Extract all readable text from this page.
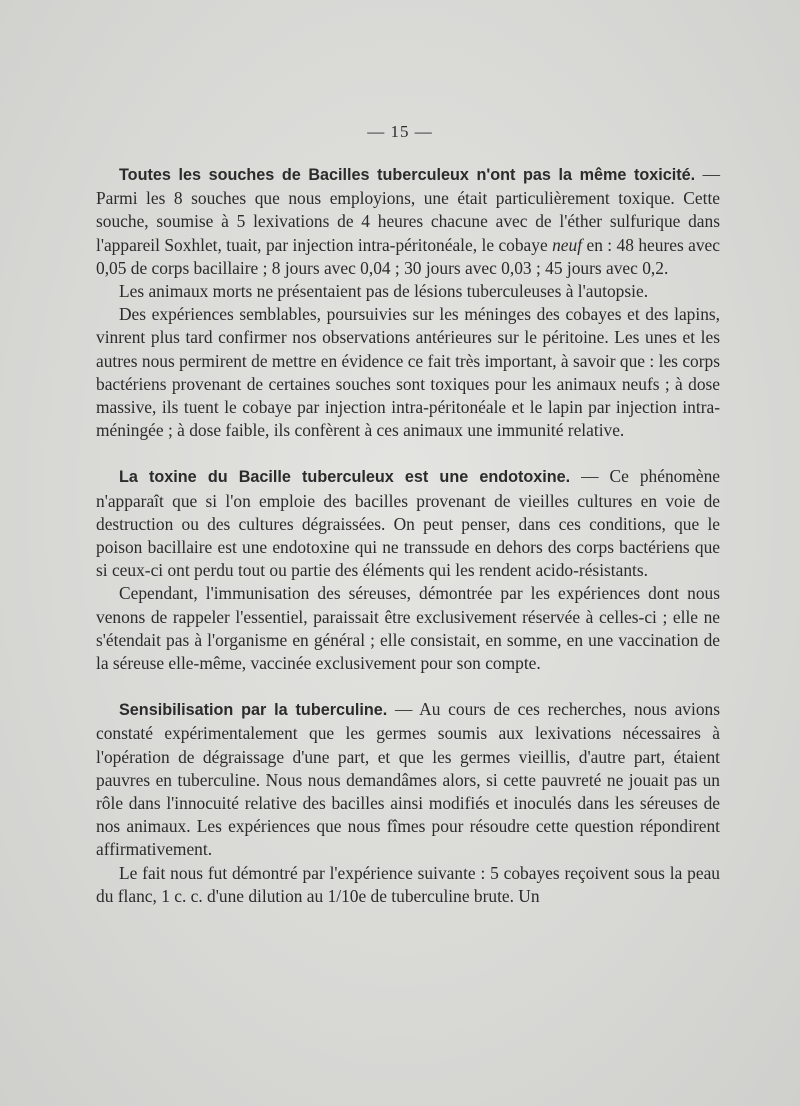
— 15 —

Toutes les souches de Bacilles tuberculeux n'ont pas la même toxicité. — Parmi les 8 souches que nous employions, une était particulièrement toxique. Cette souche, soumise à 5 lexivations de 4 heures chacune avec de l'éther sulfurique dans l'appareil Soxhlet, tuait, par injection intra-péritonéale, le cobaye neuf en : 48 heures avec 0,05 de corps bacillaire ; 8 jours avec 0,04 ; 30 jours avec 0,03 ; 45 jours avec 0,2.

Les animaux morts ne présentaient pas de lésions tuberculeuses à l'autopsie.

Des expériences semblables, poursuivies sur les méninges des cobayes et des lapins, vinrent plus tard confirmer nos observations antérieures sur le péritoine. Les unes et les autres nous permirent de mettre en évidence ce fait très important, à savoir que : les corps bactériens provenant de certaines souches sont toxiques pour les animaux neufs ; à dose massive, ils tuent le cobaye par injection intra-péritonéale et le lapin par injection intra-méningée ; à dose faible, ils confèrent à ces animaux une immunité relative.

La toxine du Bacille tuberculeux est une endotoxine. — Ce phénomène n'apparaît que si l'on emploie des bacilles provenant de vieilles cultures en voie de destruction ou des cultures dégraissées. On peut penser, dans ces conditions, que le poison bacillaire est une endotoxine qui ne transsude en dehors des corps bactériens que si ceux-ci ont perdu tout ou partie des éléments qui les rendent acido-résistants.

Cependant, l'immunisation des séreuses, démontrée par les expériences dont nous venons de rappeler l'essentiel, paraissait être exclusivement réservée à celles-ci ; elle ne s'étendait pas à l'organisme en général ; elle consistait, en somme, en une vaccination de la séreuse elle-même, vaccinée exclusivement pour son compte.

Sensibilisation par la tuberculine. — Au cours de ces recherches, nous avions constaté expérimentalement que les germes soumis aux lexivations nécessaires à l'opération de dégraissage d'une part, et que les germes vieillis, d'autre part, étaient pauvres en tuberculine. Nous nous demandâmes alors, si cette pauvreté ne jouait pas un rôle dans l'innocuité relative des bacilles ainsi modifiés et inoculés dans les séreuses de nos animaux. Les expériences que nous fîmes pour résoudre cette question répondirent affirmativement.

Le fait nous fut démontré par l'expérience suivante : 5 cobayes reçoivent sous la peau du flanc, 1 c. c. d'une dilution au 1/10e de tuberculine brute. Un
